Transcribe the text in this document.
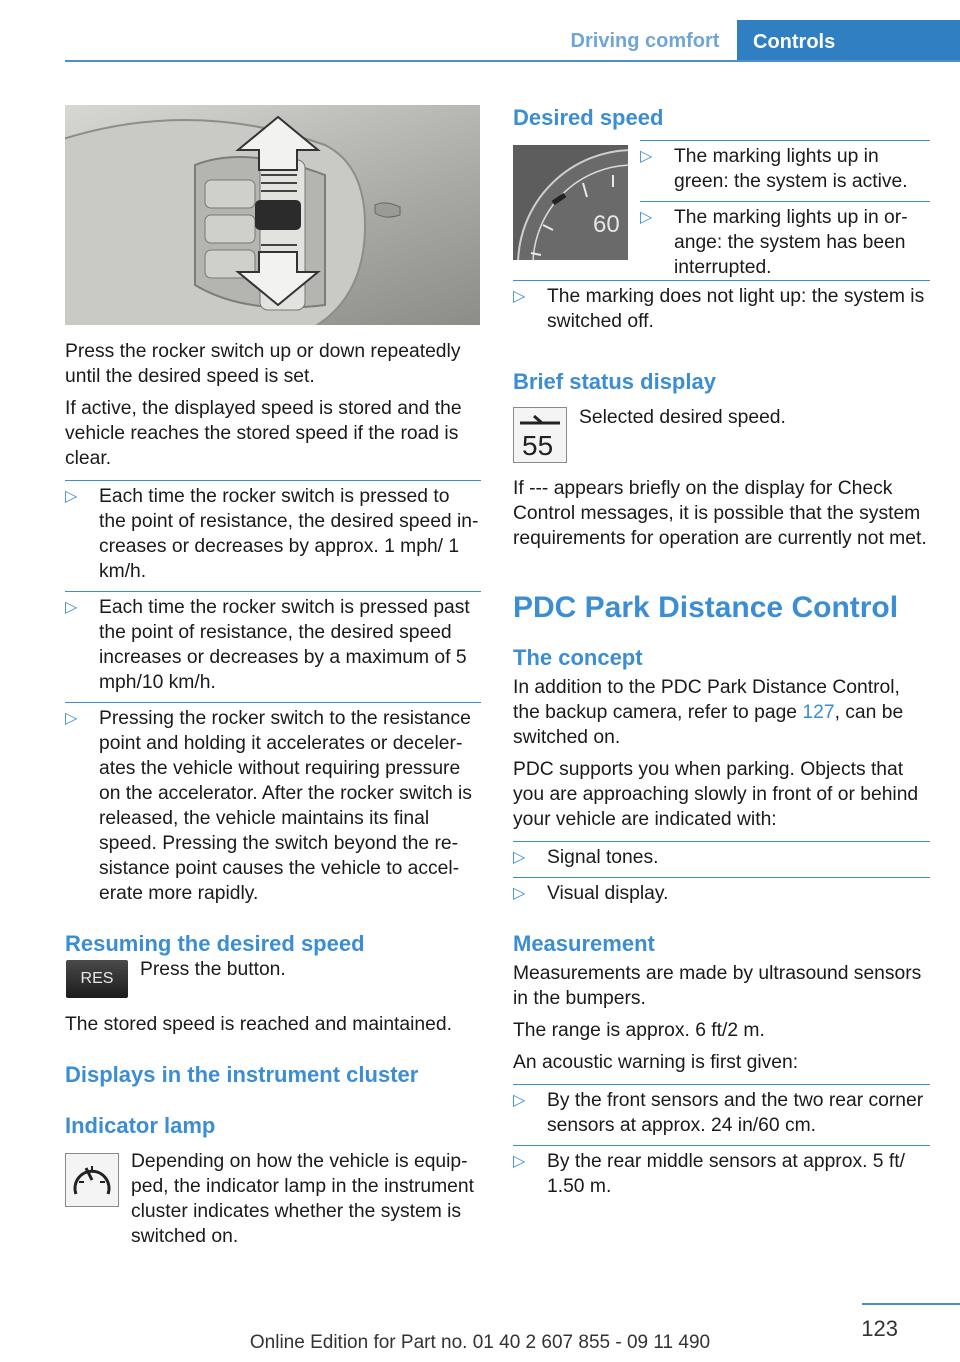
Driving comfort	Controls

Press the rocker switch up or down repeatedly until the desired speed is set.

If active, the displayed speed is stored and the vehicle reaches the stored speed if the road is clear.

▷
Each time the rocker switch is pressed to the point of resistance, the desired speed increases or decreases by approx. 1 mph/ 1 km/h.
▷
Each time the rocker switch is pressed past the point of resistance, the desired speed increases or decreases by a maximum of 5 mph/10 km/h.
▷
Pressing the rocker switch to the resistance point and holding it accelerates or decelerates the vehicle without requiring pressure on the accelerator. After the rocker switch is released, the vehicle maintains its final speed. Pressing the switch beyond the resistance point causes the vehicle to accelerate more rapidly.

Resuming the desired speed

RES	Press the button.

The stored speed is reached and maintained.

Displays in the instrument cluster

Indicator lamp

Depending on how the vehicle is equipped, the indicator lamp in the instrument cluster indicates whether the system is switched on.

Desired speed

60
▷
The marking lights up in green: the system is active.
▷
The marking lights up in orange: the system has been interrupted.
▷
The marking does not light up: the system is switched off.

Brief status display

55

Selected desired speed.

If --- appears briefly on the display for Check Control messages, it is possible that the system requirements for operation are currently not met.

PDC Park Distance Control

The concept

In addition to the PDC Park Distance Control, the backup camera, refer to page 127, can be switched on.

PDC supports you when parking. Objects that you are approaching slowly in front of or behind your vehicle are indicated with:

▷
Signal tones.
▷
Visual display.

Measurement

Measurements are made by ultrasound sensors in the bumpers.

The range is approx. 6 ft/2 m.

An acoustic warning is first given:

▷
By the front sensors and the two rear corner sensors at approx. 24 in/60 cm.
▷
By the rear middle sensors at approx. 5 ft/ 1.50 m.
123
Online Edition for Part no. 01 40 2 607 855 - 09 11 490
